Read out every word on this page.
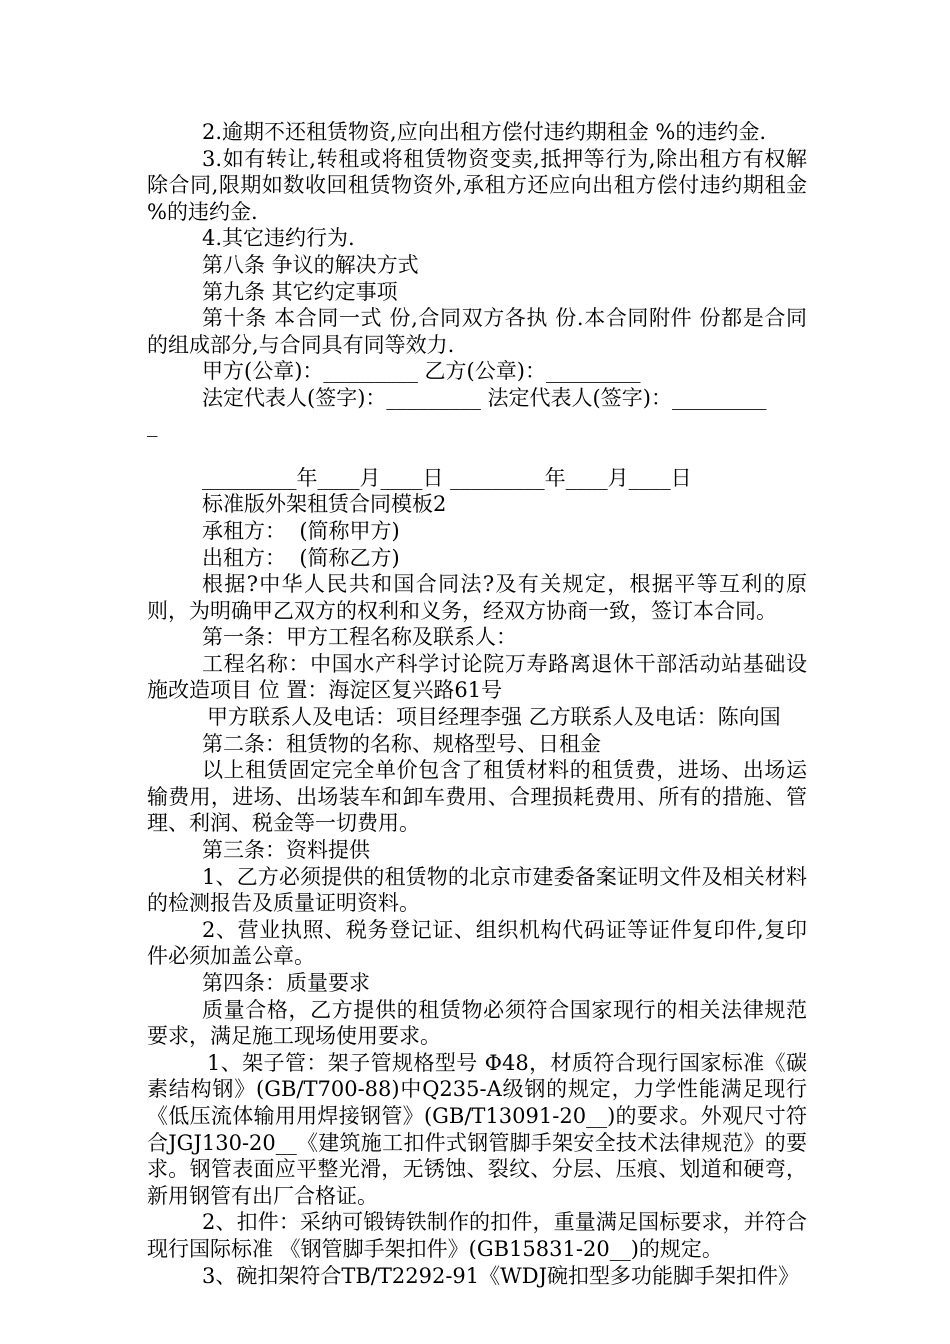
2.逾期不还租赁物资,应向出租方偿付违约期租金 %的违约金.

3.如有转让,转租或将租赁物资变卖,抵押等行为,除出租方有权解除合同,限期如数收回租赁物资外,承租方还应向出租方偿付违约期租金 %的违约金.

4.其它违约行为.

第八条 争议的解决方式

第九条 其它约定事项

第十条 本合同一式 份,合同双方各执 份.本合同附件 份都是合同的组成部分,与合同具有同等效力.

甲方(公章)：_________ 乙方(公章)：_________

法定代表人(签字)：_________ 法定代表人(签字)：_________

_

_________年____月____日 _________年____月____日

标准版外架租赁合同模板2

承租方：  (简称甲方)

出租方：  (简称乙方)

根据?中华人民共和国合同法?及有关规定，根据平等互利的原则，为明确甲乙双方的权利和义务，经双方协商一致，签订本合同。

第一条：甲方工程名称及联系人：

工程名称：中国水产科学讨论院万寿路离退休干部活动站基础设施改造项目 位 置：海淀区复兴路61号

甲方联系人及电话：项目经理李强 乙方联系人及电话：陈向国

第二条：租赁物的名称、规格型号、日租金

以上租赁固定完全单价包含了租赁材料的租赁费，进场、出场运输费用，进场、出场装车和卸车费用、合理损耗费用、所有的措施、管理、利润、税金等一切费用。

第三条：资料提供

1、乙方必须提供的租赁物的北京市建委备案证明文件及相关材料的检测报告及质量证明资料。

2、营业执照、税务登记证、组织机构代码证等证件复印件,复印件必须加盖公章。

第四条：质量要求

质量合格，乙方提供的租赁物必须符合国家现行的相关法律规范要求，满足施工现场使用要求。

1、架子管：架子管规格型号 Φ48，材质符合现行国家标准《碳素结构钢》(GB/T700-88)中Q235-A级钢的规定，力学性能满足现行《低压流体输用用焊接钢管》(GB/T13091-20__)的要求。外观尺寸符合JGJ130-20__《建筑施工扣件式钢管脚手架安全技术法律规范》的要求。钢管表面应平整光滑，无锈蚀、裂纹、分层、压痕、划道和硬弯，新用钢管有出厂合格证。

2、扣件：采纳可锻铸铁制作的扣件，重量满足国标要求，并符合现行国际标准 《钢管脚手架扣件》(GB15831-20__)的规定。

3、碗扣架符合TB/T2292-91《WDJ碗扣型多功能脚手架扣件》
